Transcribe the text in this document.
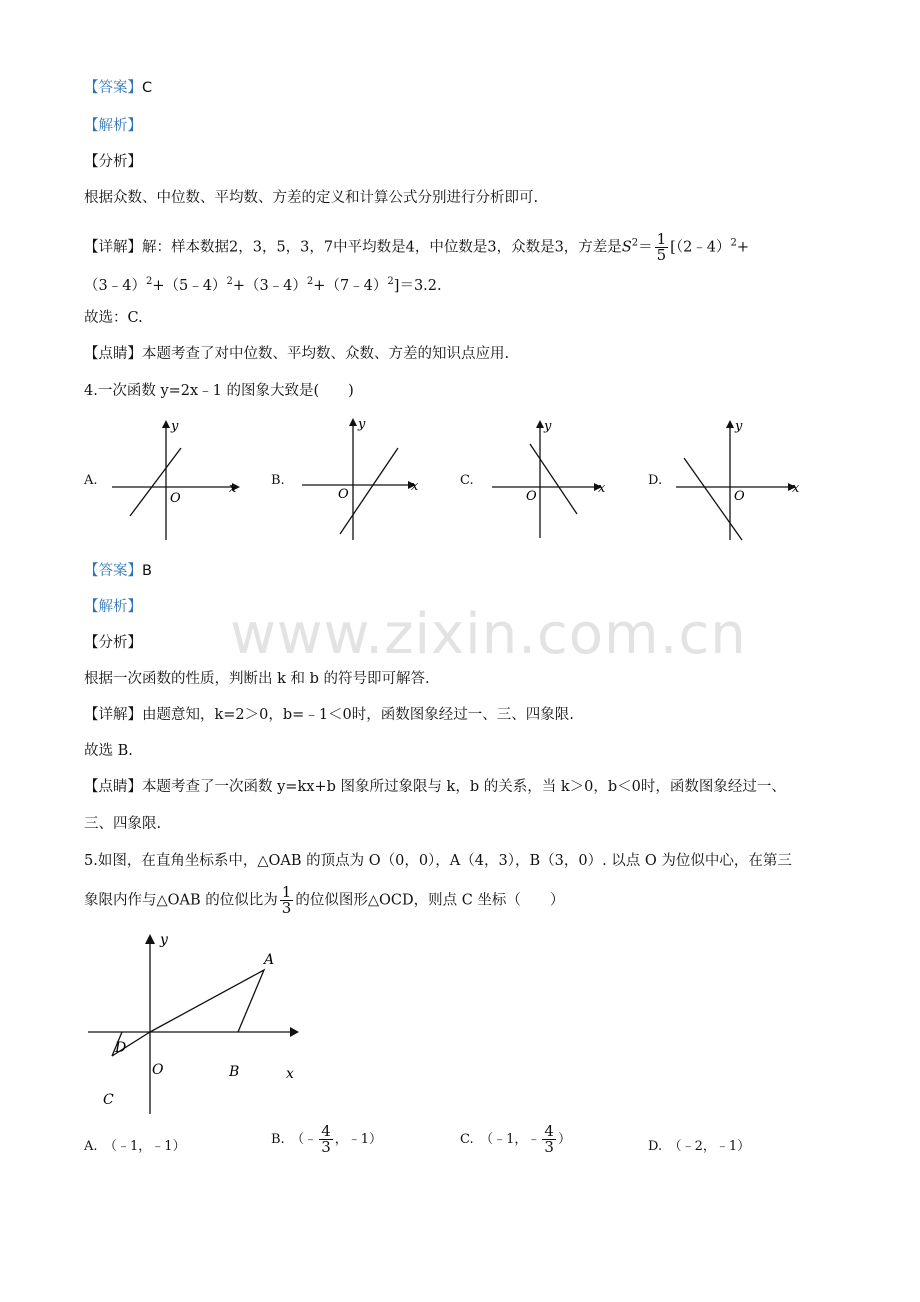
www.zixin.com.cn
【答案】C
【解析】
【分析】
根据众数、中位数、平均数、方差的定义和计算公式分别进行分析即可.
【详解】解：样本数据2，3，5，3，7中平均数是4，中位数是3，众数是3，方差是$S^2= \frac{1}{5}$ [（2﹣4）$^2$+
（3﹣4）$^2$+（5﹣4）$^2$+（3﹣4）$^2$+（7﹣4）$^2$]＝3.2.
故选：C.
【点睛】本题考查了对中位数、平均数、众数、方差的知识点应用.
4.一次函数 y=2x﹣1 的图象大致是(　　)
A.	B.	C.	D.
O
x
y
O
x
y
O
x
y
O
x
y
【答案】B
【解析】
【分析】
根据一次函数的性质，判断出 k 和 b 的符号即可解答.
【详解】由题意知，k=2＞0，b=﹣1＜0时，函数图象经过一、三、四象限.
故选 B.
【点睛】本题考查了一次函数 y=kx+b 图象所过象限与 k，b 的关系，当 k＞0，b＜0时，函数图象经过一、
三、四象限.
5.如图，在直角坐标系中，△OAB 的顶点为 O（0，0），A（4，3），B（3，0）. 以点 O 为位似中心，在第三
象限内作与△OAB 的位似比为 $\frac{1}{3}$ 的位似图形△OCD，则点 C 坐标（　　）
y
A
D
O	B	x
C
A.　（﹣1，﹣1）	B.　（﹣ $\frac{4}{3}$ ，﹣1）	C.　（﹣1，﹣ $\frac{4}{3}$ ）	D.　（﹣2，﹣1）
